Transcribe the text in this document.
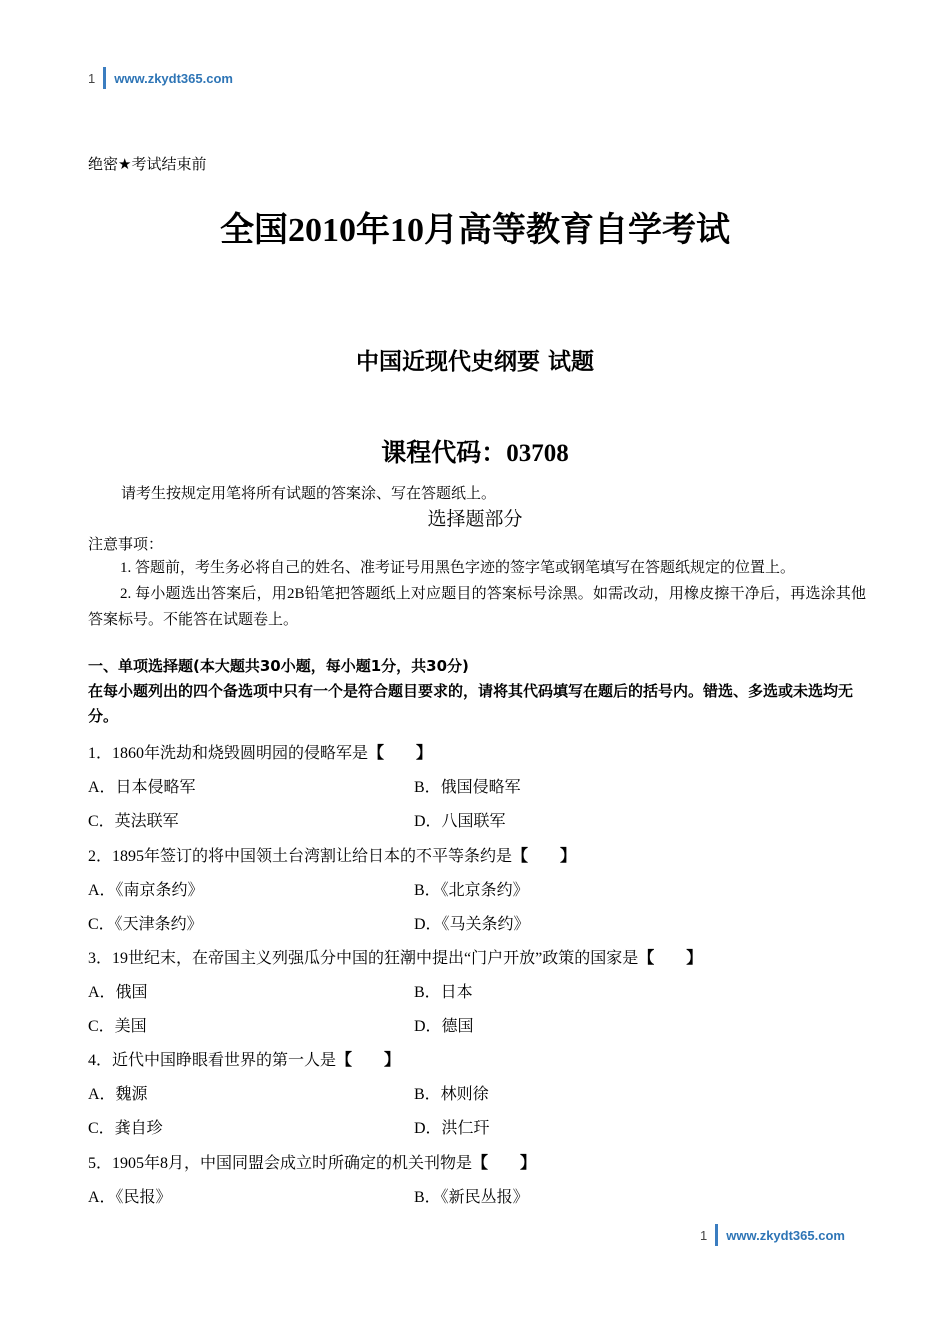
1 www.zkydt365.com
绝密★考试结束前
全国2010年10月高等教育自学考试
中国近现代史纲要 试题
课程代码：03708
请考生按规定用笔将所有试题的答案涂、写在答题纸上。
选择题部分
注意事项：

1. 答题前，考生务必将自己的姓名、准考证号用黑色字迹的签字笔或钢笔填写在答题纸规定的位置上。

2. 每小题选出答案后，用2B铅笔把答题纸上对应题目的答案标号涂黑。如需改动，用橡皮擦干净后，再选涂其他答案标号。不能答在试题卷上。

一、单项选择题(本大题共30小题，每小题1分，共30分)
在每小题列出的四个备选项中只有一个是符合题目要求的，请将其代码填写在题后的括号内。错选、多选或未选均无分。
1．1860年洗劫和烧毁圆明园的侵略军是【　　】
A．日本侵略军	B．俄国侵略军
C．英法联军	D．八国联军
2．1895年签订的将中国领土台湾割让给日本的不平等条约是【　　】
A．《南京条约》	B．《北京条约》
C．《天津条约》	D．《马关条约》
3．19世纪末，在帝国主义列强瓜分中国的狂潮中提出“门户开放”政策的国家是【　　】
A．俄国	B．日本
C．美国	D．德国
4．近代中国睁眼看世界的第一人是【　　】
A．魏源	B．林则徐
C．龚自珍	D．洪仁玕
5．1905年8月，中国同盟会成立时所确定的机关刊物是【　　】
A．《民报》	B．《新民丛报》
1 www.zkydt365.com
